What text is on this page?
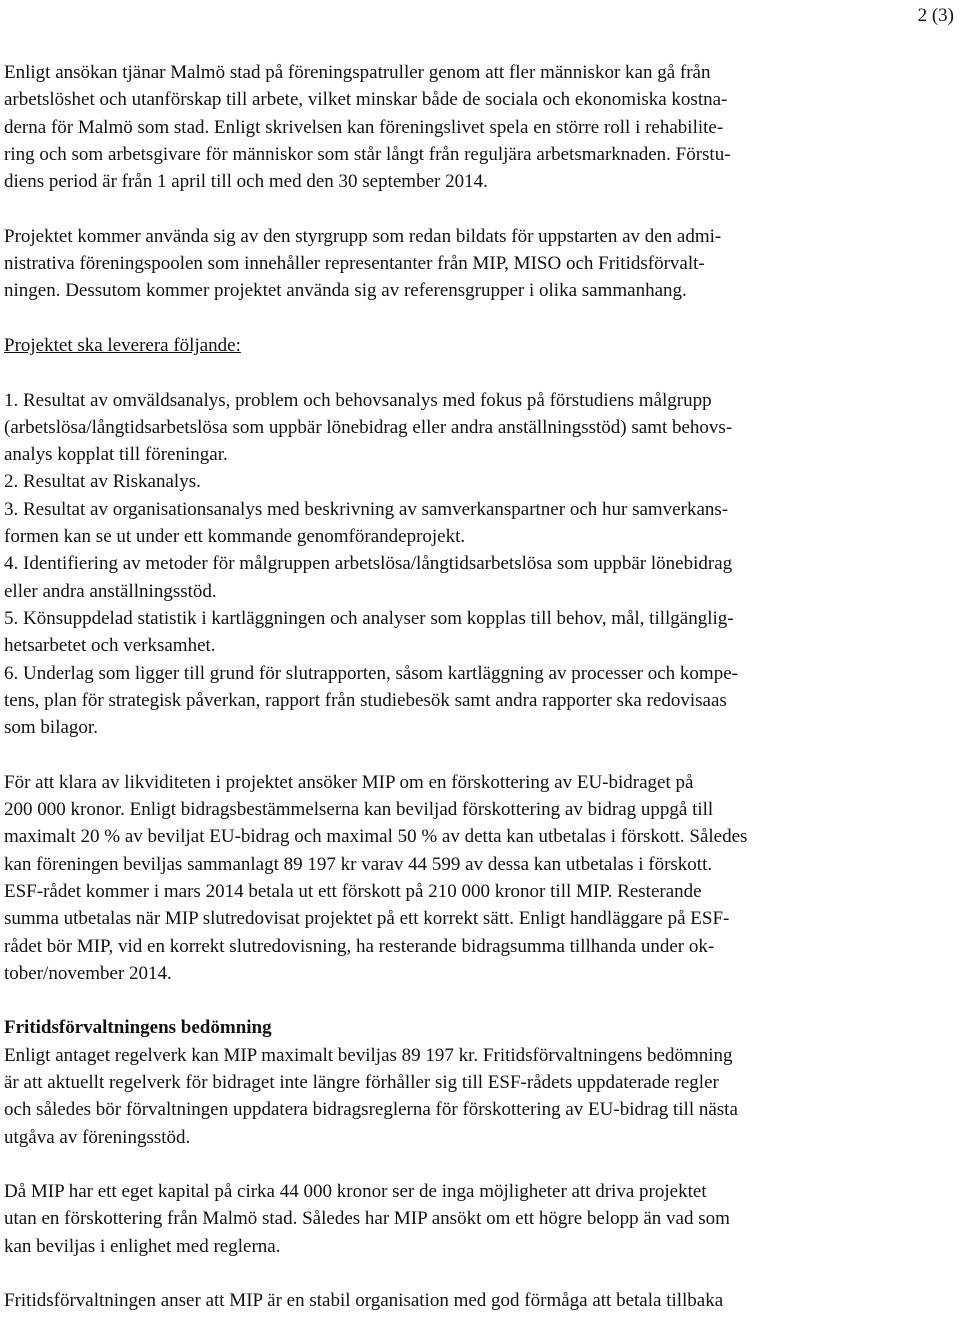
2 (3)
Enligt ansökan tjänar Malmö stad på föreningspatruller genom att fler människor kan gå från
arbetslöshet och utanförskap till arbete, vilket minskar både de sociala och ekonomiska kostna-
derna för Malmö som stad. Enligt skrivelsen kan föreningslivet spela en större roll i rehabilite-
ring och som arbetsgivare för människor som står långt från reguljära arbetsmarknaden. Förstu-
diens period är från 1 april till och med den 30 september 2014.
Projektet kommer använda sig av den styrgrupp som redan bildats för uppstarten av den admi-
nistrativa föreningspoolen som innehåller representanter från MIP, MISO och Fritidsförvalt-
ningen. Dessutom kommer projektet använda sig av referensgrupper i olika sammanhang.
Projektet ska leverera följande:
1. Resultat av omväldsanalys, problem och behovsanalys med fokus på förstudiens målgrupp
(arbetslösa/långtidsarbetslösa som uppbär lönebidrag eller andra anställningsstöd) samt behovs-
analys kopplat till föreningar.
2. Resultat av Riskanalys.
3. Resultat av organisationsanalys med beskrivning av samverkanspartner och hur samverkans-
formen kan se ut under ett kommande genomförandeprojekt.
4. Identifiering av metoder för målgruppen arbetslösa/långtidsarbetslösa som uppbär lönebidrag
eller andra anställningsstöd.
5. Könsuppdelad statistik i kartläggningen och analyser som kopplas till behov, mål, tillgänglig-
hetsarbetet och verksamhet.
6. Underlag som ligger till grund för slutrapporten, såsom kartläggning av processer och kompe-
tens, plan för strategisk påverkan, rapport från studiebesök samt andra rapporter ska redovisaas
som bilagor.
För att klara av likviditeten i projektet ansöker MIP om en förskottering av EU-bidraget på
200 000 kronor. Enligt bidragsbestämmelserna kan beviljad förskottering av bidrag uppgå till
maximalt 20 % av beviljat EU-bidrag och maximal 50 % av detta kan utbetalas i förskott. Således
kan föreningen beviljas sammanlagt 89 197 kr varav 44 599 av dessa kan utbetalas i förskott.
ESF-rådet kommer i mars 2014 betala ut ett förskott på 210 000 kronor till MIP. Resterande
summa utbetalas när MIP slutredovisat projektet på ett korrekt sätt. Enligt handläggare på ESF-
rådet bör MIP, vid en korrekt slutredovisning, ha resterande bidragsumma tillhanda under ok-
tober/november 2014.
Fritidsförvaltningens bedömning
Enligt antaget regelverk kan MIP maximalt beviljas 89 197 kr. Fritidsförvaltningens bedömning
är att aktuellt regelverk för bidraget inte längre förhåller sig till ESF-rådets uppdaterade regler
och således bör förvaltningen uppdatera bidragsreglerna för förskottering av EU-bidrag till nästa
utgåva av föreningsstöd.
Då MIP har ett eget kapital på cirka 44 000 kronor ser de inga möjligheter att driva projektet
utan en förskottering från Malmö stad. Således har MIP ansökt om ett högre belopp än vad som
kan beviljas i enlighet med reglerna.
Fritidsförvaltningen anser att MIP är en stabil organisation med god förmåga att betala tillbaka
